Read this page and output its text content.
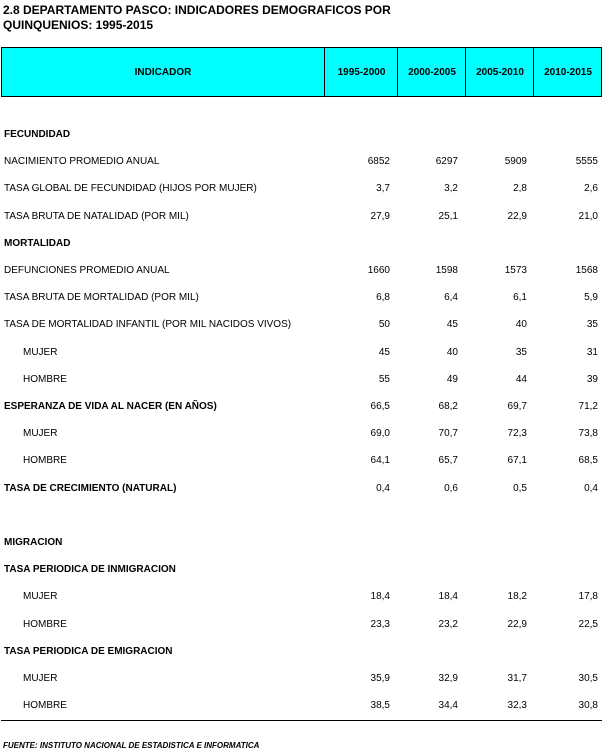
2.8 DEPARTAMENTO PASCO: INDICADORES DEMOGRAFICOS POR
QUINQUENIOS: 1995-2015
INDICADOR	1995-2000	2000-2005	2005-2010	2010-2015
FECUNDIDAD
NACIMIENTO PROMEDIO ANUAL	6852	6297	5909	5555
TASA GLOBAL DE FECUNDIDAD (HIJOS POR MUJER)	3,7	3,2	2,8	2,6
TASA BRUTA DE NATALIDAD (POR MIL)	27,9	25,1	22,9	21,0
MORTALIDAD
DEFUNCIONES PROMEDIO ANUAL	1660	1598	1573	1568
TASA BRUTA DE MORTALIDAD (POR MIL)	6,8	6,4	6,1	5,9
TASA DE MORTALIDAD INFANTIL (POR MIL NACIDOS VIVOS)	50	45	40	35
MUJER	45	40	35	31
HOMBRE	55	49	44	39
ESPERANZA DE VIDA AL NACER (EN AÑOS)	66,5	68,2	69,7	71,2
MUJER	69,0	70,7	72,3	73,8
HOMBRE	64,1	65,7	67,1	68,5
TASA DE CRECIMIENTO (NATURAL)	0,4	0,6	0,5	0,4
MIGRACION
TASA PERIODICA DE INMIGRACION
MUJER	18,4	18,4	18,2	17,8
HOMBRE	23,3	23,2	22,9	22,5
TASA PERIODICA DE EMIGRACION
MUJER	35,9	32,9	31,7	30,5
HOMBRE	38,5	34,4	32,3	30,8
FUENTE: INSTITUTO NACIONAL DE ESTADISTICA E INFORMATICA
